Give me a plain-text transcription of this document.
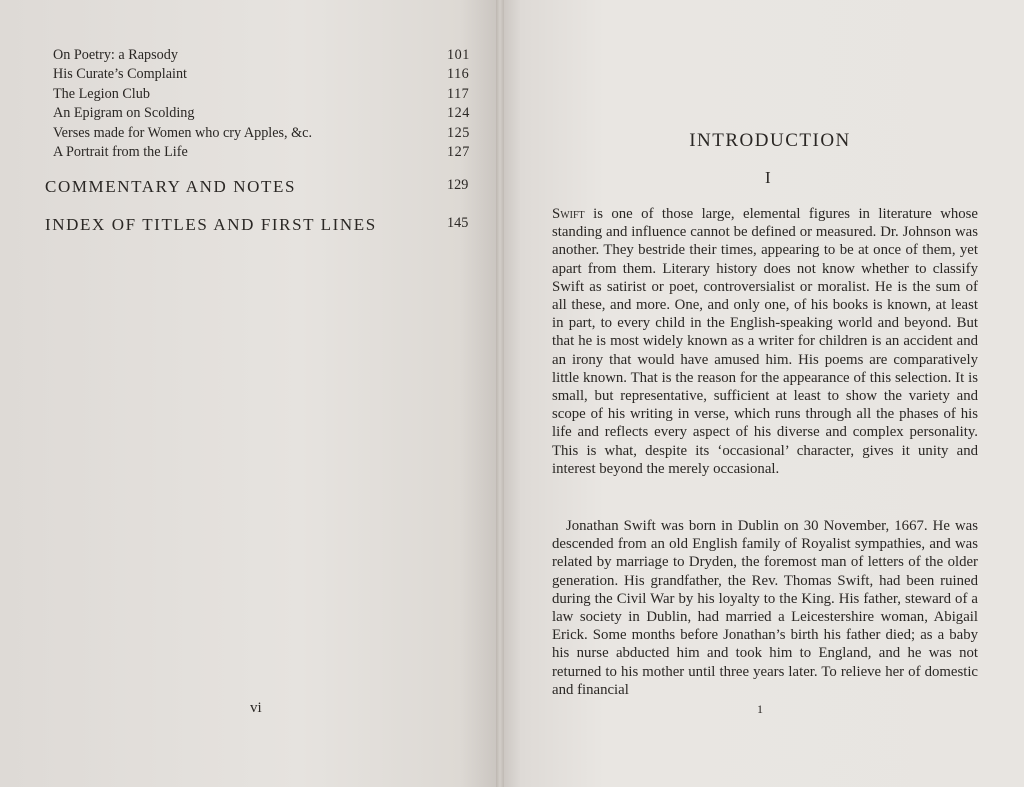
On Poetry: a Rapsody	101
His Curate’s Complaint	116
The Legion Club	117
An Epigram on Scolding	124
Verses made for Women who cry Apples, &c.	125
A Portrait from the Life	127
COMMENTARY AND NOTES	129
INDEX OF TITLES AND FIRST LINES	145
vi
INTRODUCTION
I

Swift is one of those large, elemental figures in literature whose standing and influence cannot be defined or measured. Dr. Johnson was another. They bestride their times, appearing to be at once of them, yet apart from them. Literary history does not know whether to classify Swift as satirist or poet, controversialist or moralist. He is the sum of all these, and more. One, and only one, of his books is known, at least in part, to every child in the English-speaking world and beyond. But that he is most widely known as a writer for children is an accident and an irony that would have amused him. His poems are comparatively little known. That is the reason for the appearance of this selection. It is small, but representative, sufficient at least to show the variety and scope of his writing in verse, which runs through all the phases of his life and reflects every aspect of his diverse and complex personality. This is what, despite its ‘occasional’ character, gives it unity and interest beyond the merely occasional.

Jonathan Swift was born in Dublin on 30 November, 1667. He was descended from an old English family of Royalist sympathies, and was related by marriage to Dryden, the foremost man of letters of the older generation. His grandfather, the Rev. Thomas Swift, had been ruined during the Civil War by his loyalty to the King. His father, steward of a law society in Dublin, had married a Leicestershire woman, Abigail Erick. Some months before Jonathan’s birth his father died; as a baby his nurse abducted him and took him to England, and he was not returned to his mother until three years later. To relieve her of domestic and financial

1
